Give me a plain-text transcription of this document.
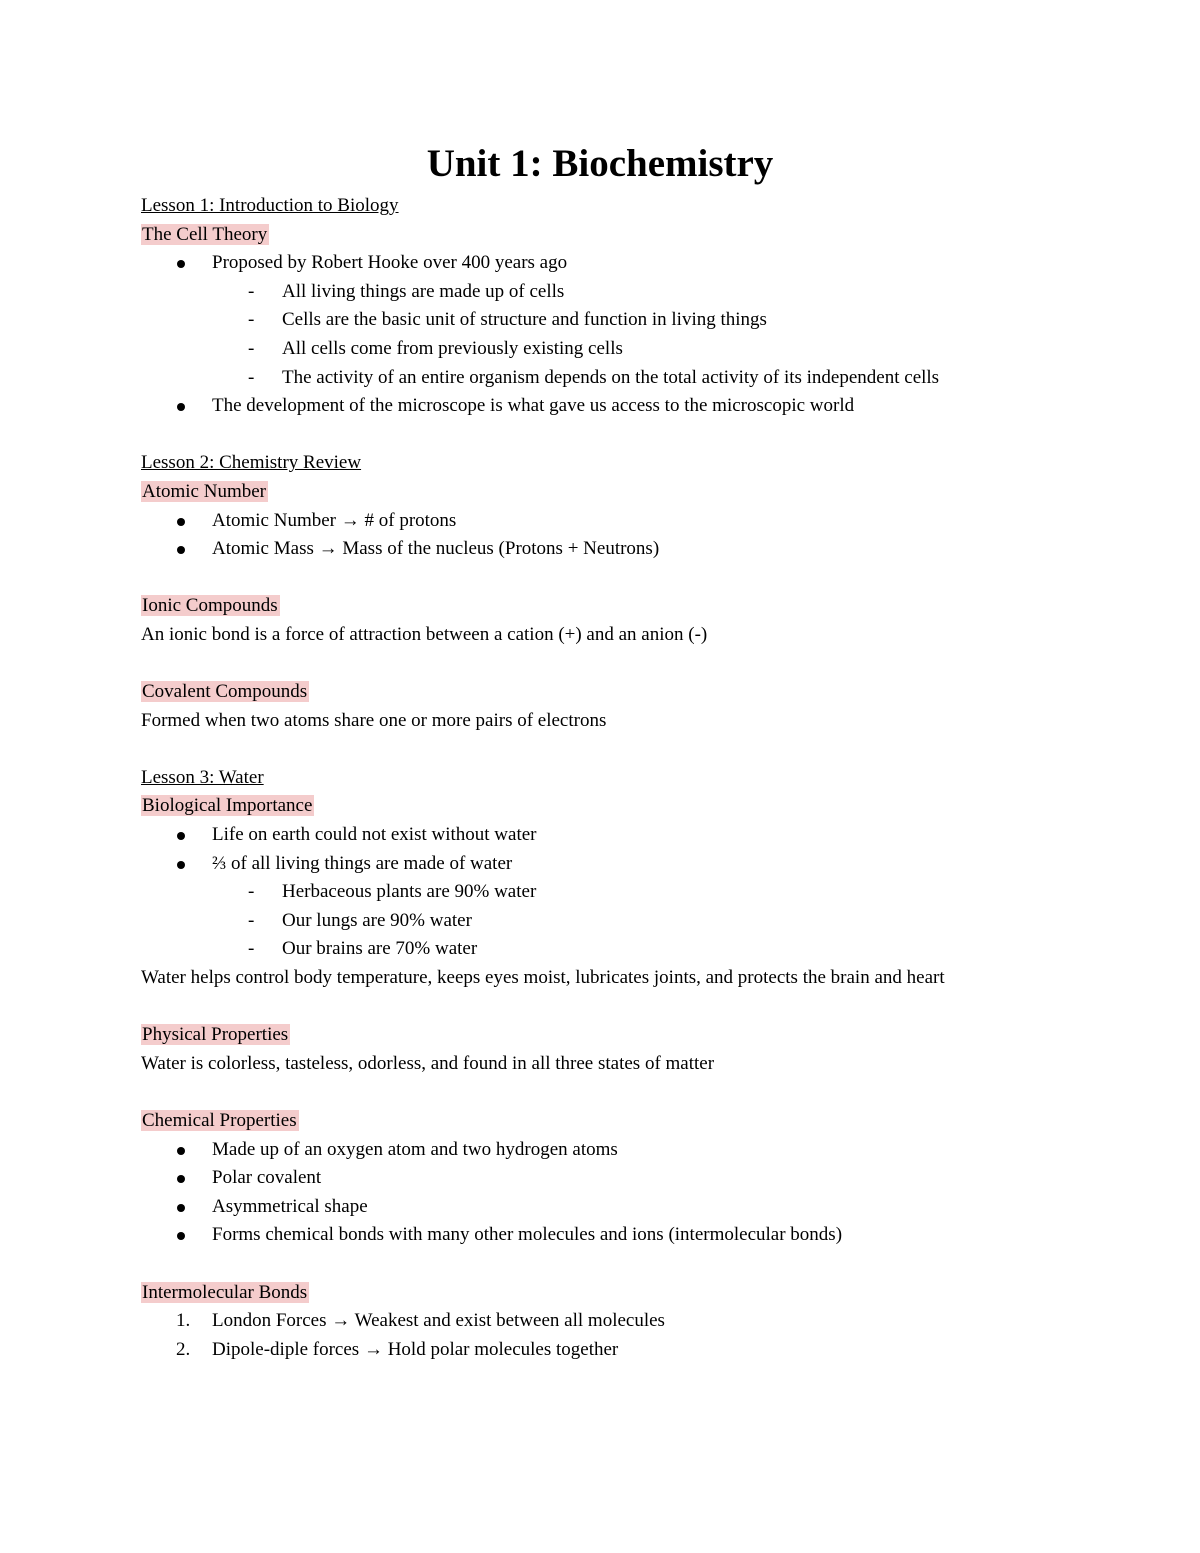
Unit 1: Biochemistry
Lesson 1: Introduction to Biology
The Cell Theory
Proposed by Robert Hooke over 400 years ago
- All living things are made up of cells
- Cells are the basic unit of structure and function in living things
- All cells come from previously existing cells
- The activity of an entire organism depends on the total activity of its independent cells
The development of the microscope is what gave us access to the microscopic world
Lesson 2: Chemistry Review
Atomic Number
Atomic Number → # of protons
Atomic Mass → Mass of the nucleus (Protons + Neutrons)
Ionic Compounds
An ionic bond is a force of attraction between a cation (+) and an anion (-)
Covalent Compounds
Formed when two atoms share one or more pairs of electrons
Lesson 3: Water
Biological Importance
Life on earth could not exist without water
⅔ of all living things are made of water
- Herbaceous plants are 90% water
- Our lungs are 90% water
- Our brains are 70% water
Water helps control body temperature, keeps eyes moist, lubricates joints, and protects the brain and heart
Physical Properties
Water is colorless, tasteless, odorless, and found in all three states of matter
Chemical Properties
Made up of an oxygen atom and two hydrogen atoms
Polar covalent
Asymmetrical shape
Forms chemical bonds with many other molecules and ions (intermolecular bonds)
Intermolecular Bonds
1. London Forces → Weakest and exist between all molecules
2. Dipole-diple forces → Hold polar molecules together
